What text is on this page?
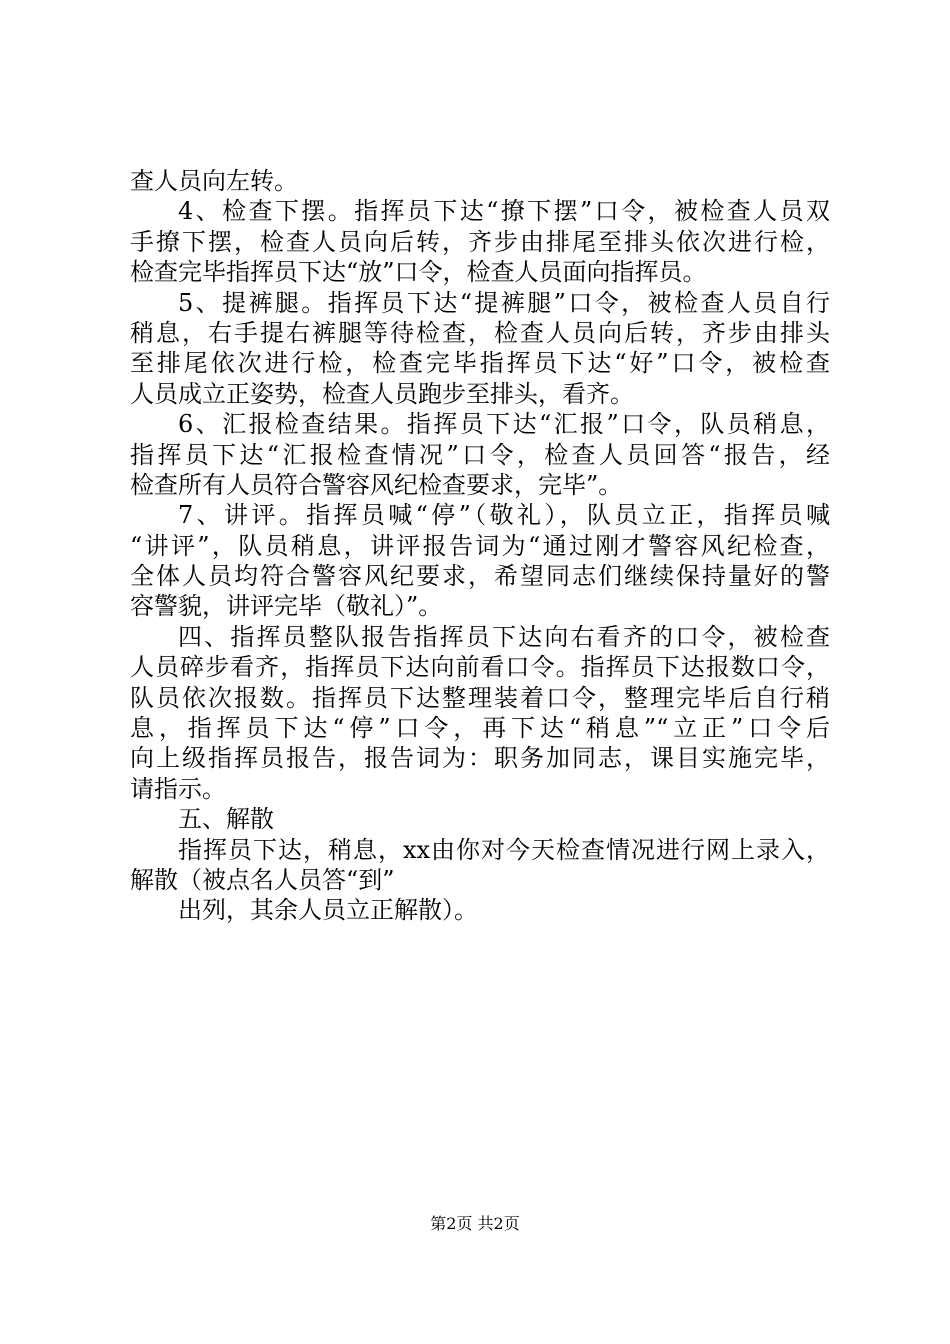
查人员向左转。
4、检查下摆。指挥员下达“撩下摆”口令，被检查人员双
手撩下摆，检查人员向后转，齐步由排尾至排头依次进行检，
检查完毕指挥员下达“放”口令，检查人员面向指挥员。
5、提裤腿。指挥员下达“提裤腿”口令，被检查人员自行
稍息，右手提右裤腿等待检查，检查人员向后转，齐步由排头
至排尾依次进行检，检查完毕指挥员下达“好”口令，被检查
人员成立正姿势，检查人员跑步至排头，看齐。
6、汇报检查结果。指挥员下达“汇报”口令，队员稍息，
指挥员下达“汇报检查情况”口令，检查人员回答“报告，经
检查所有人员符合警容风纪检查要求，完毕”。
7、讲评。指挥员喊“停”（敬礼），队员立正，指挥员喊
“讲评”，队员稍息，讲评报告词为“通过刚才警容风纪检查，
全体人员均符合警容风纪要求，希望同志们继续保持量好的警
容警貌，讲评完毕（敬礼）”。
四、指挥员整队报告指挥员下达向右看齐的口令，被检查
人员碎步看齐，指挥员下达向前看口令。指挥员下达报数口令，
队员依次报数。指挥员下达整理装着口令，整理完毕后自行稍
息，指挥员下达“停”口令，再下达“稍息”“立正”口令后
向上级指挥员报告，报告词为：职务加同志，课目实施完毕，
请指示。
五、解散
指挥员下达，稍息，xx由你对今天检查情况进行网上录入，
解散（被点名人员答“到”
出列，其余人员立正解散）。
第2页 共2页
